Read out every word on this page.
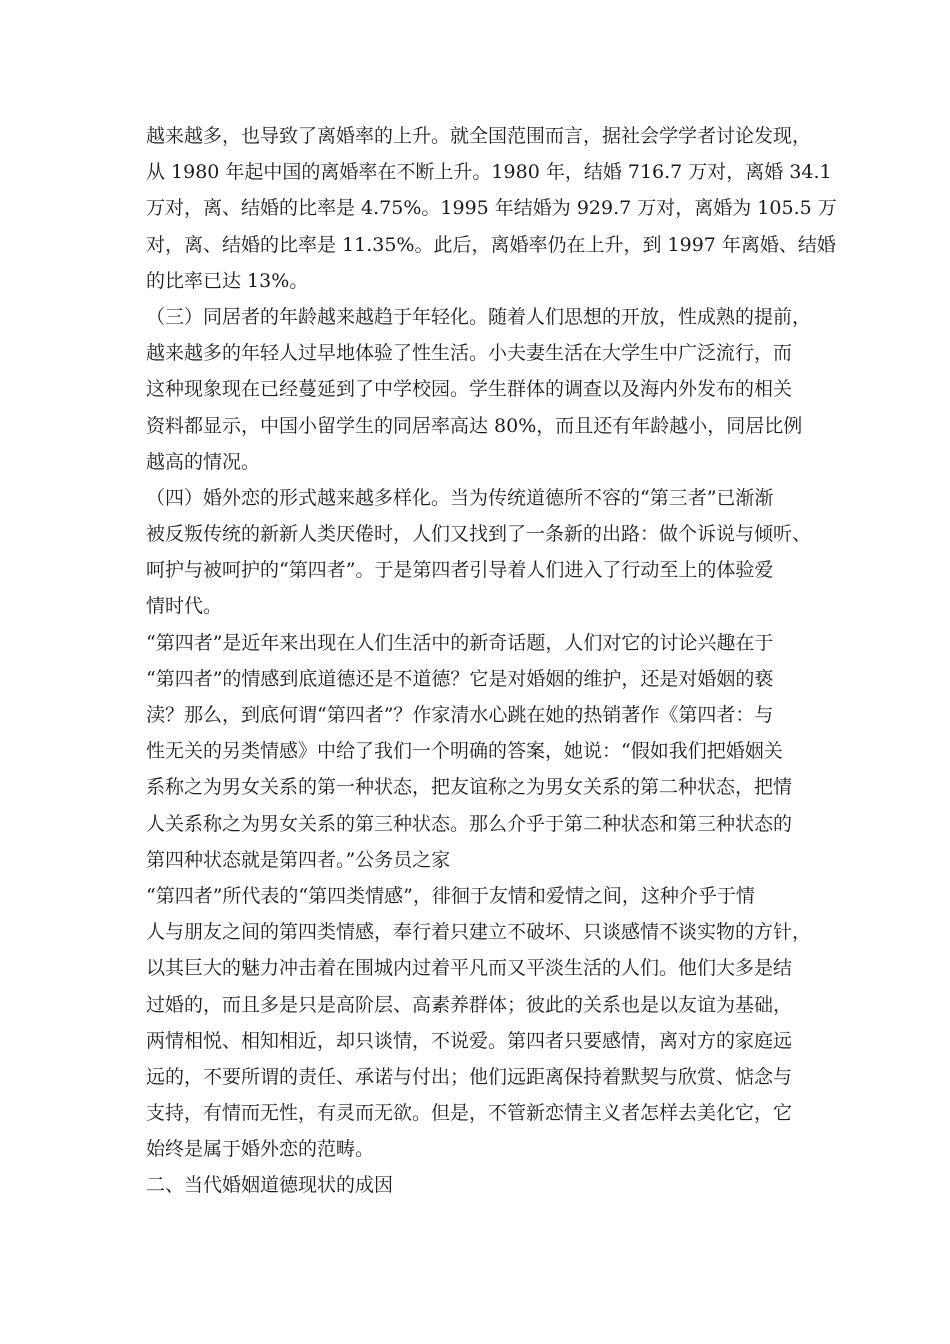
越来越多，也导致了离婚率的上升。就全国范围而言，据社会学学者讨论发现，
从 1980 年起中国的离婚率在不断上升。1980 年，结婚 716.7 万对，离婚 34.1
万对，离、结婚的比率是 4.75%。1995 年结婚为 929.7 万对，离婚为 105.5 万
对，离、结婚的比率是 11.35%。此后，离婚率仍在上升，到 1997 年离婚、结婚
的比率已达 13%。

（三）同居者的年龄越来越趋于年轻化。随着人们思想的开放，性成熟的提前，
越来越多的年轻人过早地体验了性生活。小夫妻生活在大学生中广泛流行，而
这种现象现在已经蔓延到了中学校园。学生群体的调查以及海内外发布的相关
资料都显示，中国小留学生的同居率高达 80%，而且还有年龄越小，同居比例
越高的情况。

（四）婚外恋的形式越来越多样化。当为传统道德所不容的“第三者”已渐渐
被反叛传统的新新人类厌倦时，人们又找到了一条新的出路：做个诉说与倾听、
呵护与被呵护的“第四者”。于是第四者引导着人们进入了行动至上的体验爱
情时代。

“第四者”是近年来出现在人们生活中的新奇话题，人们对它的讨论兴趣在于
“第四者”的情感到底道德还是不道德？它是对婚姻的维护，还是对婚姻的亵
渎？那么，到底何谓“第四者”？作家清水心跳在她的热销著作《第四者：与
性无关的另类情感》中给了我们一个明确的答案，她说：“假如我们把婚姻关
系称之为男女关系的第一种状态，把友谊称之为男女关系的第二种状态，把情
人关系称之为男女关系的第三种状态。那么介乎于第二种状态和第三种状态的
第四种状态就是第四者。”公务员之家

“第四者”所代表的“第四类情感”，徘徊于友情和爱情之间，这种介乎于情
人与朋友之间的第四类情感，奉行着只建立不破坏、只谈感情不谈实物的方针，
以其巨大的魅力冲击着在围城内过着平凡而又平淡生活的人们。他们大多是结
过婚的，而且多是只是高阶层、高素养群体；彼此的关系也是以友谊为基础，
两情相悦、相知相近，却只谈情，不说爱。第四者只要感情，离对方的家庭远
远的，不要所谓的责任、承诺与付出；他们远距离保持着默契与欣赏、惦念与
支持，有情而无性，有灵而无欲。但是，不管新恋情主义者怎样去美化它，它
始终是属于婚外恋的范畴。

二、当代婚姻道德现状的成因
